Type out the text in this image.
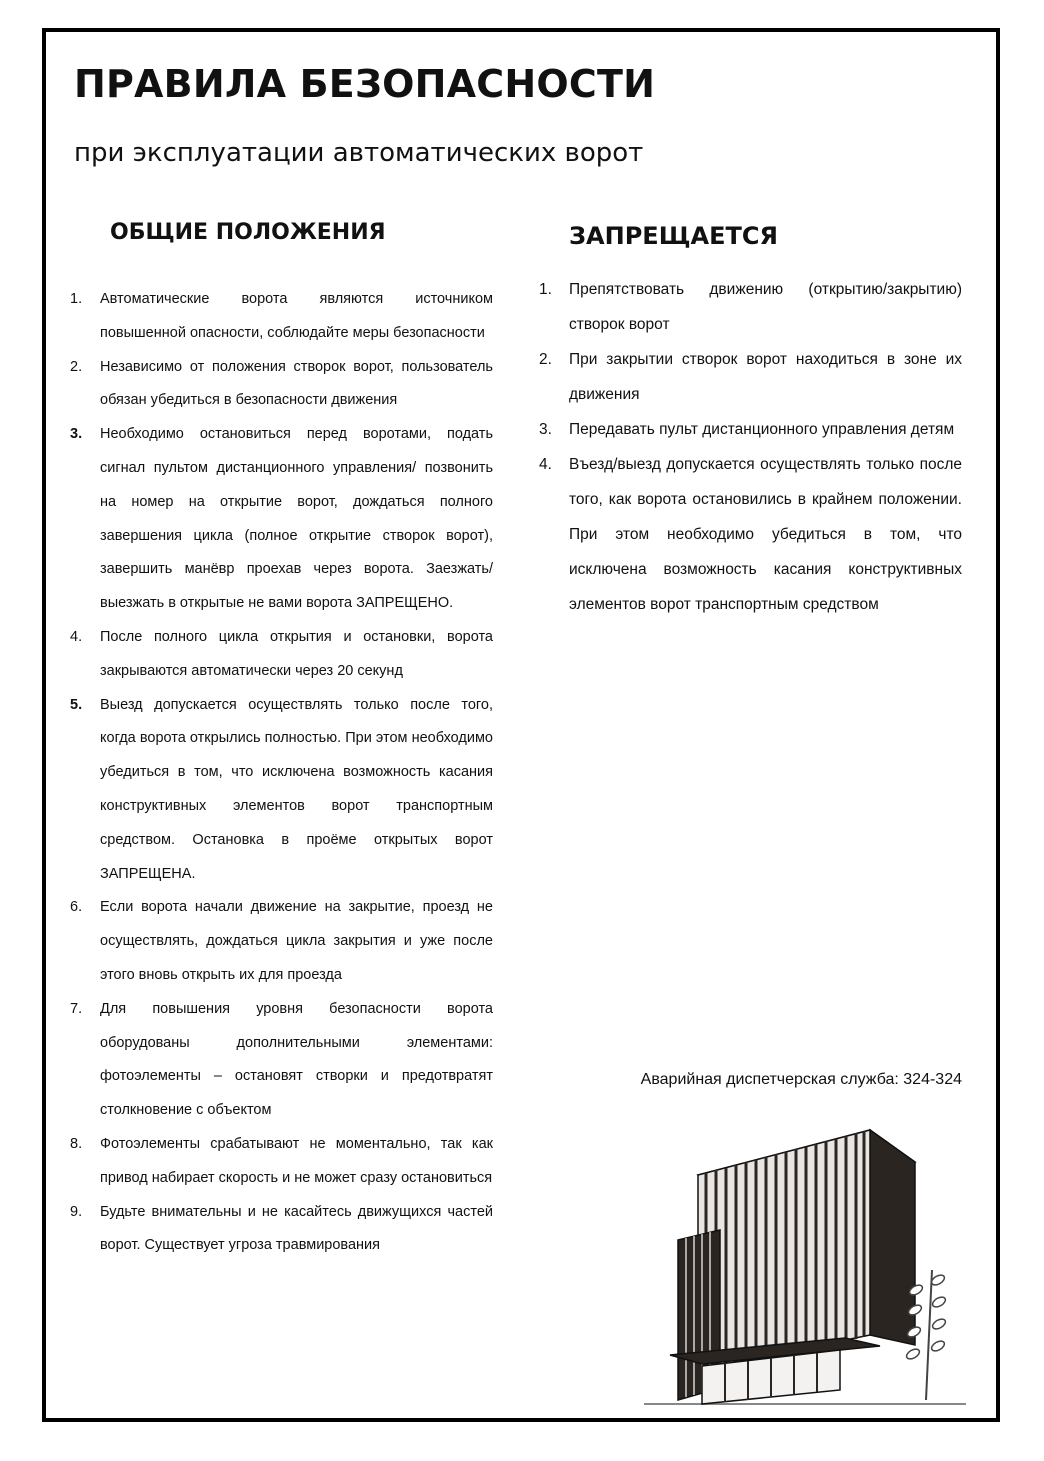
ПРАВИЛА БЕЗОПАСНОСТИ
при эксплуатации автоматических ворот
ОБЩИЕ ПОЛОЖЕНИЯ	ЗАПРЕЩАЕТСЯ
1. Автоматические ворота являются источником повышенной опасности, соблюдайте меры безопасности
2. Независимо от положения створок ворот, пользователь обязан убедиться в безопасности движения
3. Необходимо остановиться перед воротами, подать сигнал пультом дистанционного управления/ позвонить на номер на открытие ворот, дождаться полного завершения цикла (полное открытие створок ворот), завершить манёвр проехав через ворота. Заезжать/выезжать в открытые не вами ворота ЗАПРЕЩЕНО.
4. После полного цикла открытия и остановки, ворота закрываются автоматически через 20 секунд
5. Выезд допускается осуществлять только после того, когда ворота открылись полностью. При этом необходимо убедиться в том, что исключена возможность касания конструктивных элементов ворот транспортным средством. Остановка в проёме открытых ворот ЗАПРЕЩЕНА.
6. Если ворота начали движение на закрытие, проезд не осуществлять, дождаться цикла закрытия и уже после этого вновь открыть их для проезда
7. Для повышения уровня безопасности ворота оборудованы дополнительными элементами: фотоэлементы – остановят створки и предотвратят столкновение с объектом
8. Фотоэлементы срабатывают не моментально, так как привод набирает скорость и не может сразу остановиться
9. Будьте внимательны и не касайтесь движущихся частей ворот. Существует угроза травмирования
1. Препятствовать движению (открытию/закрытию) створок ворот
2. При закрытии створок ворот находиться в зоне их движения
3. Передавать пульт дистанционного управления детям
4. Въезд/выезд допускается осуществлять только после того, как ворота остановились в крайнем положении. При этом необходимо убедиться в том, что исключена возможность касания конструктивных элементов ворот транспортным средством

Аварийная диспетчерская служба: 324-324
